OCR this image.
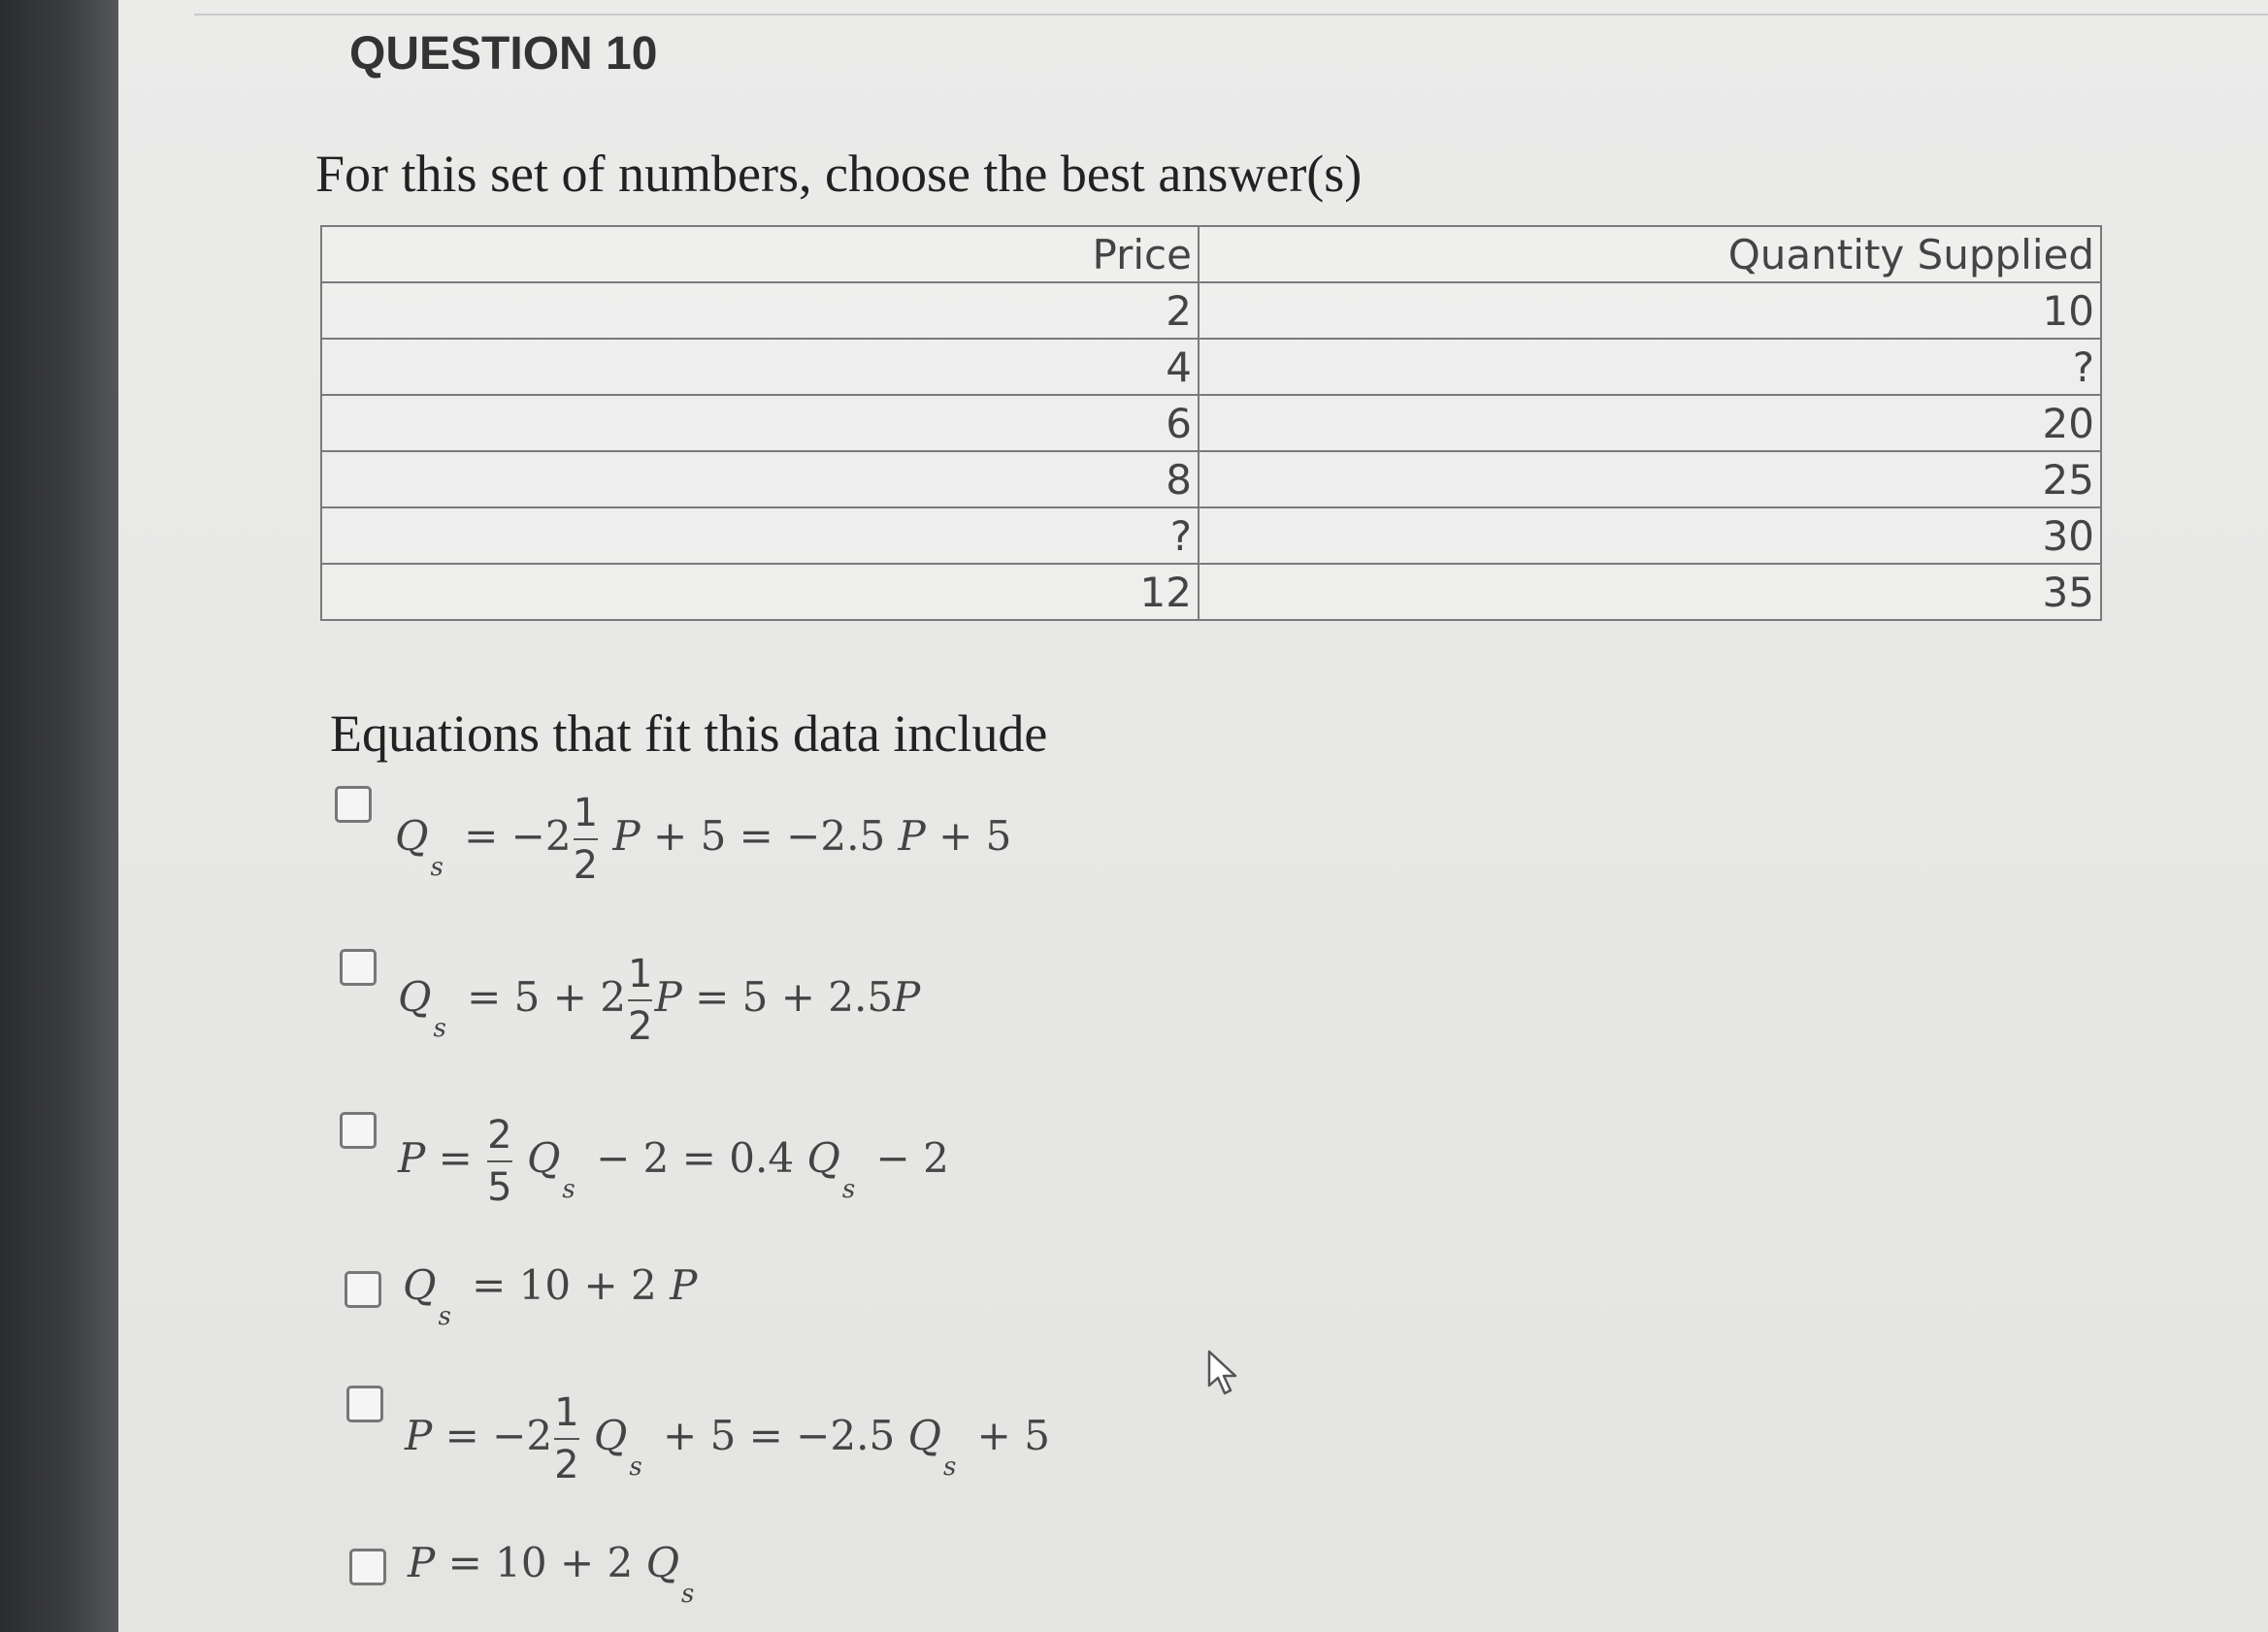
QUESTION 10
For this set of numbers, choose the best answer(s)
Price	Quantity Supplied
2	10
4	?
6	20
8	25
?	30
12	35
Equations that fit this data include
$Q_s = -2 \frac{1}{2}$ P + 5 = −2.5 P + 5
$Q_s = 5 + 2 \frac{1}{2}$ P = 5 + 2.5P
$P = \frac{2}{5} Q_s - 2 = 0.4$ $Q_s - 2$
$Q_s = 10 + 2$ P
$P = -2 \frac{1}{2} Q_s + 5 = -2.5$ $Q_s + 5$
P = 10 + 2 $Q_s$
